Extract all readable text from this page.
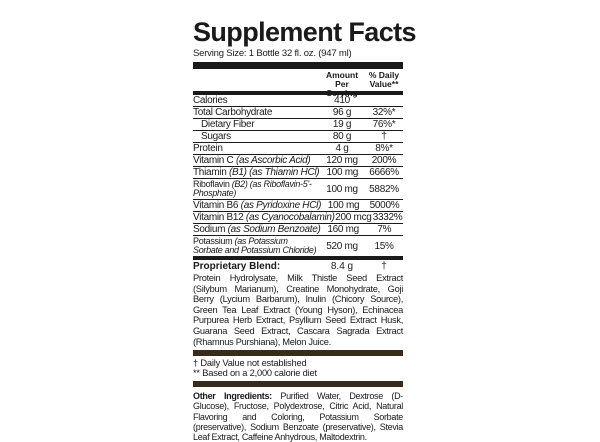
Supplement Facts
Serving Size: 1 Bottle 32 fl. oz. (947 ml)
Amount
Per Serving
% Daily
Value**
Calories	410
Total Carbohydrate	96 g	32%*
Dietary Fiber	19 g	76%*
Sugars	80 g	†
Protein	4 g	8%*
Vitamin C (as Ascorbic Acid)	120 mg	200%
Thiamin (B1) (as Thiamin HCl) 100 mg	6666%
Riboflavin (B2) (as Riboflavin-5'-Phosphate)	100 mg	5882%
Vitamin B6 (as Pyridoxine HCl) 100 mg	5000%
Vitamin B12 (as Cyanocobalamin) 200 mcg 3332%
Sodium (as Sodium Benzoate) 160 mg	7%
Potassium (as Potassium Sorbate and Potassium Chloride) 520 mg	15%
Proprietary Blend:	8.4 g	†
Protein Hydrolysate, Milk Thistle Seed Extract (Silybum Marianum), Creatine Monohydrate, Goji Berry (Lycium Barbarum), Inulin (Chicory Source), Green Tea Leaf Extract (Young Hyson), Echinacea Purpurea Herb Extract, Psyllium Seed Extract Husk, Guarana Seed Extract, Cascara Sagrada Extract (Rhamnus Purshiana), Melon Juice.
† Daily Value not established
** Based on a 2,000 calorie diet
Other Ingredients: Purified Water, Dextrose (D-Glucose), Fructose, Polydextrose, Citric Acid, Natural Flavoring and Coloring, Potassium Sorbate (preservative), Sodium Benzoate (preservative), Stevia Leaf Extract, Caffeine Anhydrous, Maltodextrin.
